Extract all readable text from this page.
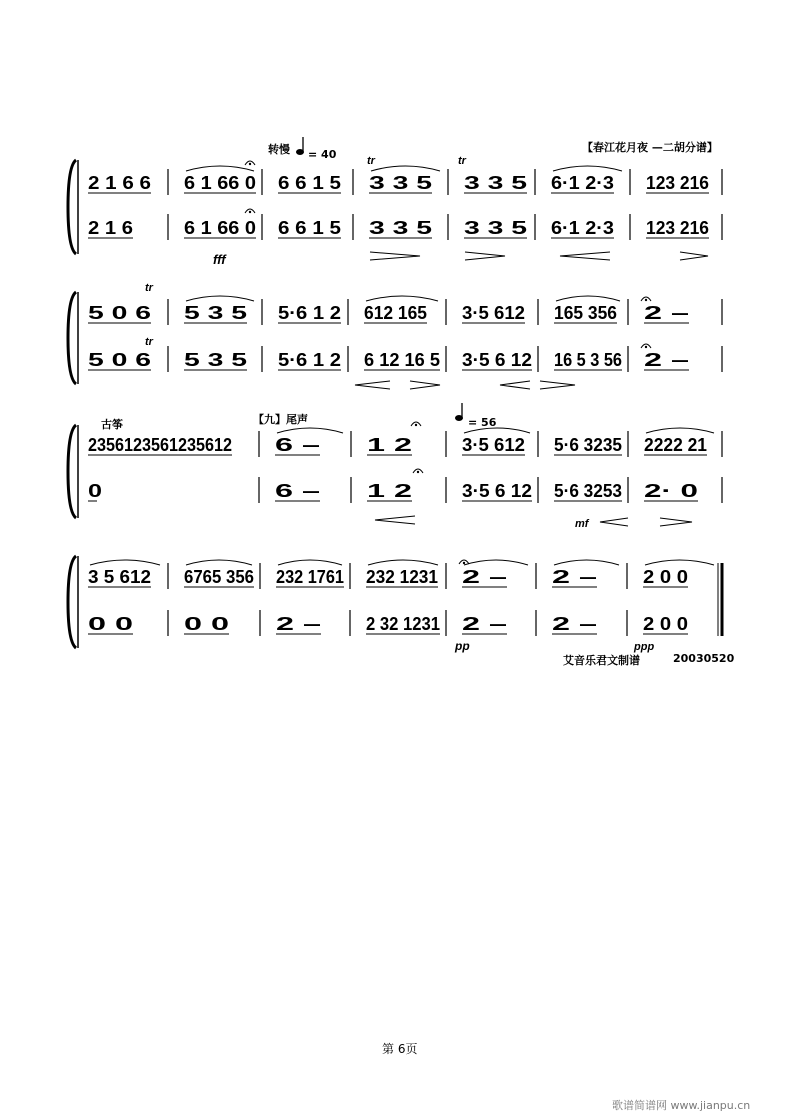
【春江花月夜 —二胡分谱】
转慢 = 40
【九】尾声
古筝	= 56
2 1 6 6
2 1 6
6 1 66 0
6 1 66 0
6 6 1 5
6 6 1 5
3 3 5
3 3 5
3 3 5
3 3 5
6·1 2·3
6·1 2·3
123 216
123 216
5 0 6
5 0 6
5 3 5
5 3 5
5·6 1 2
5·6 1 2
612 165
6 12 16 5
3·5 612
3·5 6 12
165 356
16 5 3 56
2 –
2 –
2356123561235612
0
6 –
6 –
1 2
1 2
3·5 612
3·5 6 12
5·6 3235
5·6 3253
2222 21
2· 0
3 5 612
0 0
6765 356
0 0
232 1761
2 –
232 1231
2 32 1231
2 –
2 –
2 –
2 –
2 0 0
2 0 0
tr	tr
tr
tr
fff
mf
pp	ppp
艾音乐君文制谱	20030520
第 6页
歌谱简谱网 www.jianpu.cn
